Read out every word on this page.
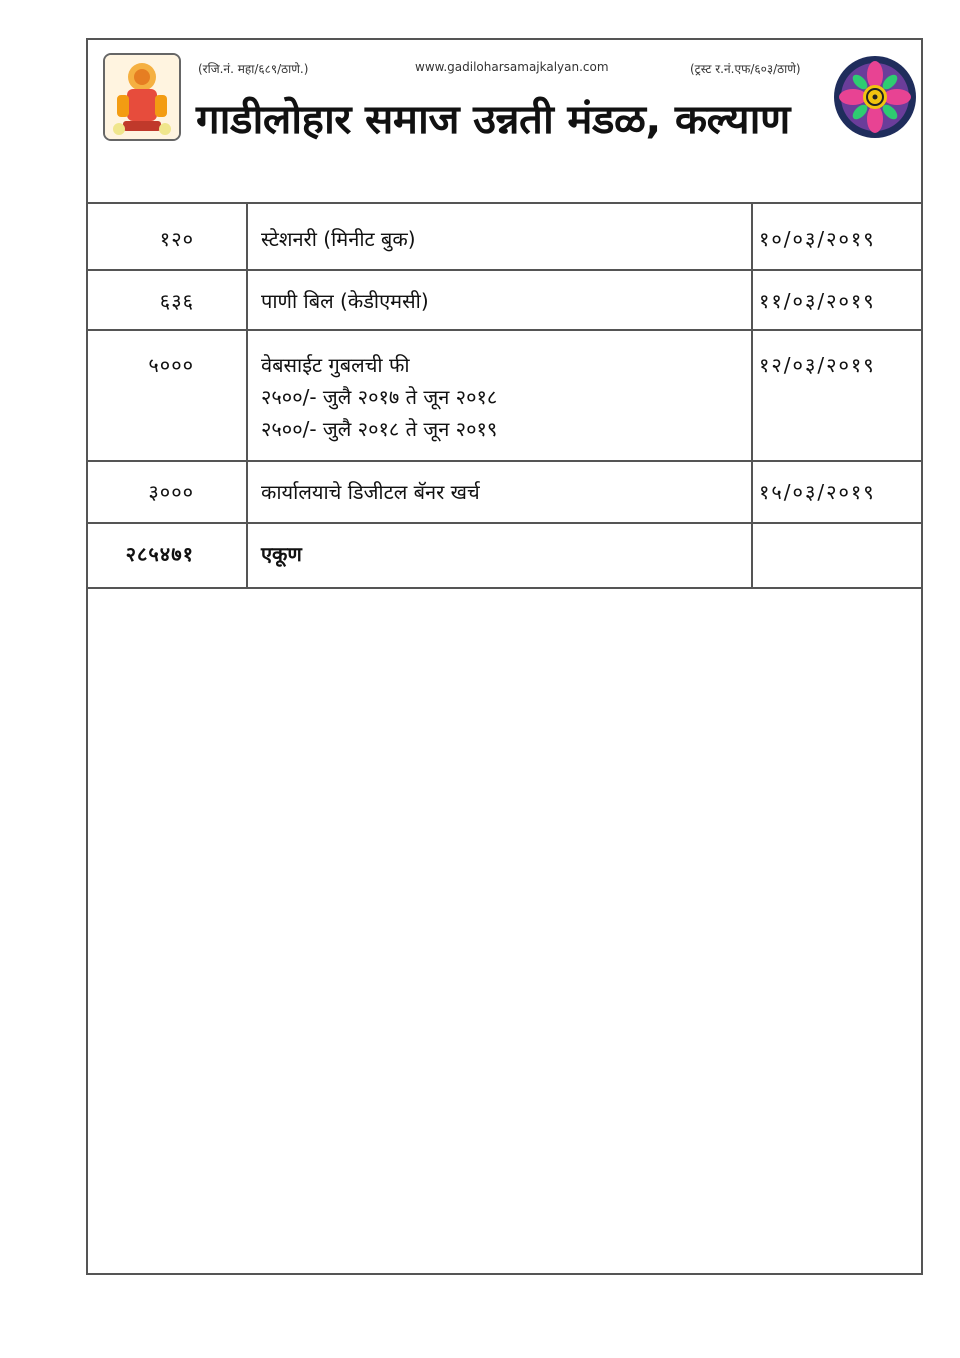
(रजि.नं. महा/६८९/ठाणे.)	www.gadiloharsamajkalyan.com	(ट्रस्ट र.नं.एफ/६०३/ठाणे)
गाडीलोहार समाज उन्नती मंडळ, कल्याण
१२०	स्टेशनरी (मिनीट बुक)	१०/०३/२०१९
६३६	पाणी बिल (केडीएमसी)	११/०३/२०१९
५०००	वेबसाईट गुबलची फी
२५००/- जुलै २०१७ ते जून २०१८
२५००/- जुलै २०१८ ते जून २०१९	१२/०३/२०१९
३०००	कार्यालयाचे डिजीटल बॅनर खर्च	१५/०३/२०१९
२८५४७१	एकूण	
